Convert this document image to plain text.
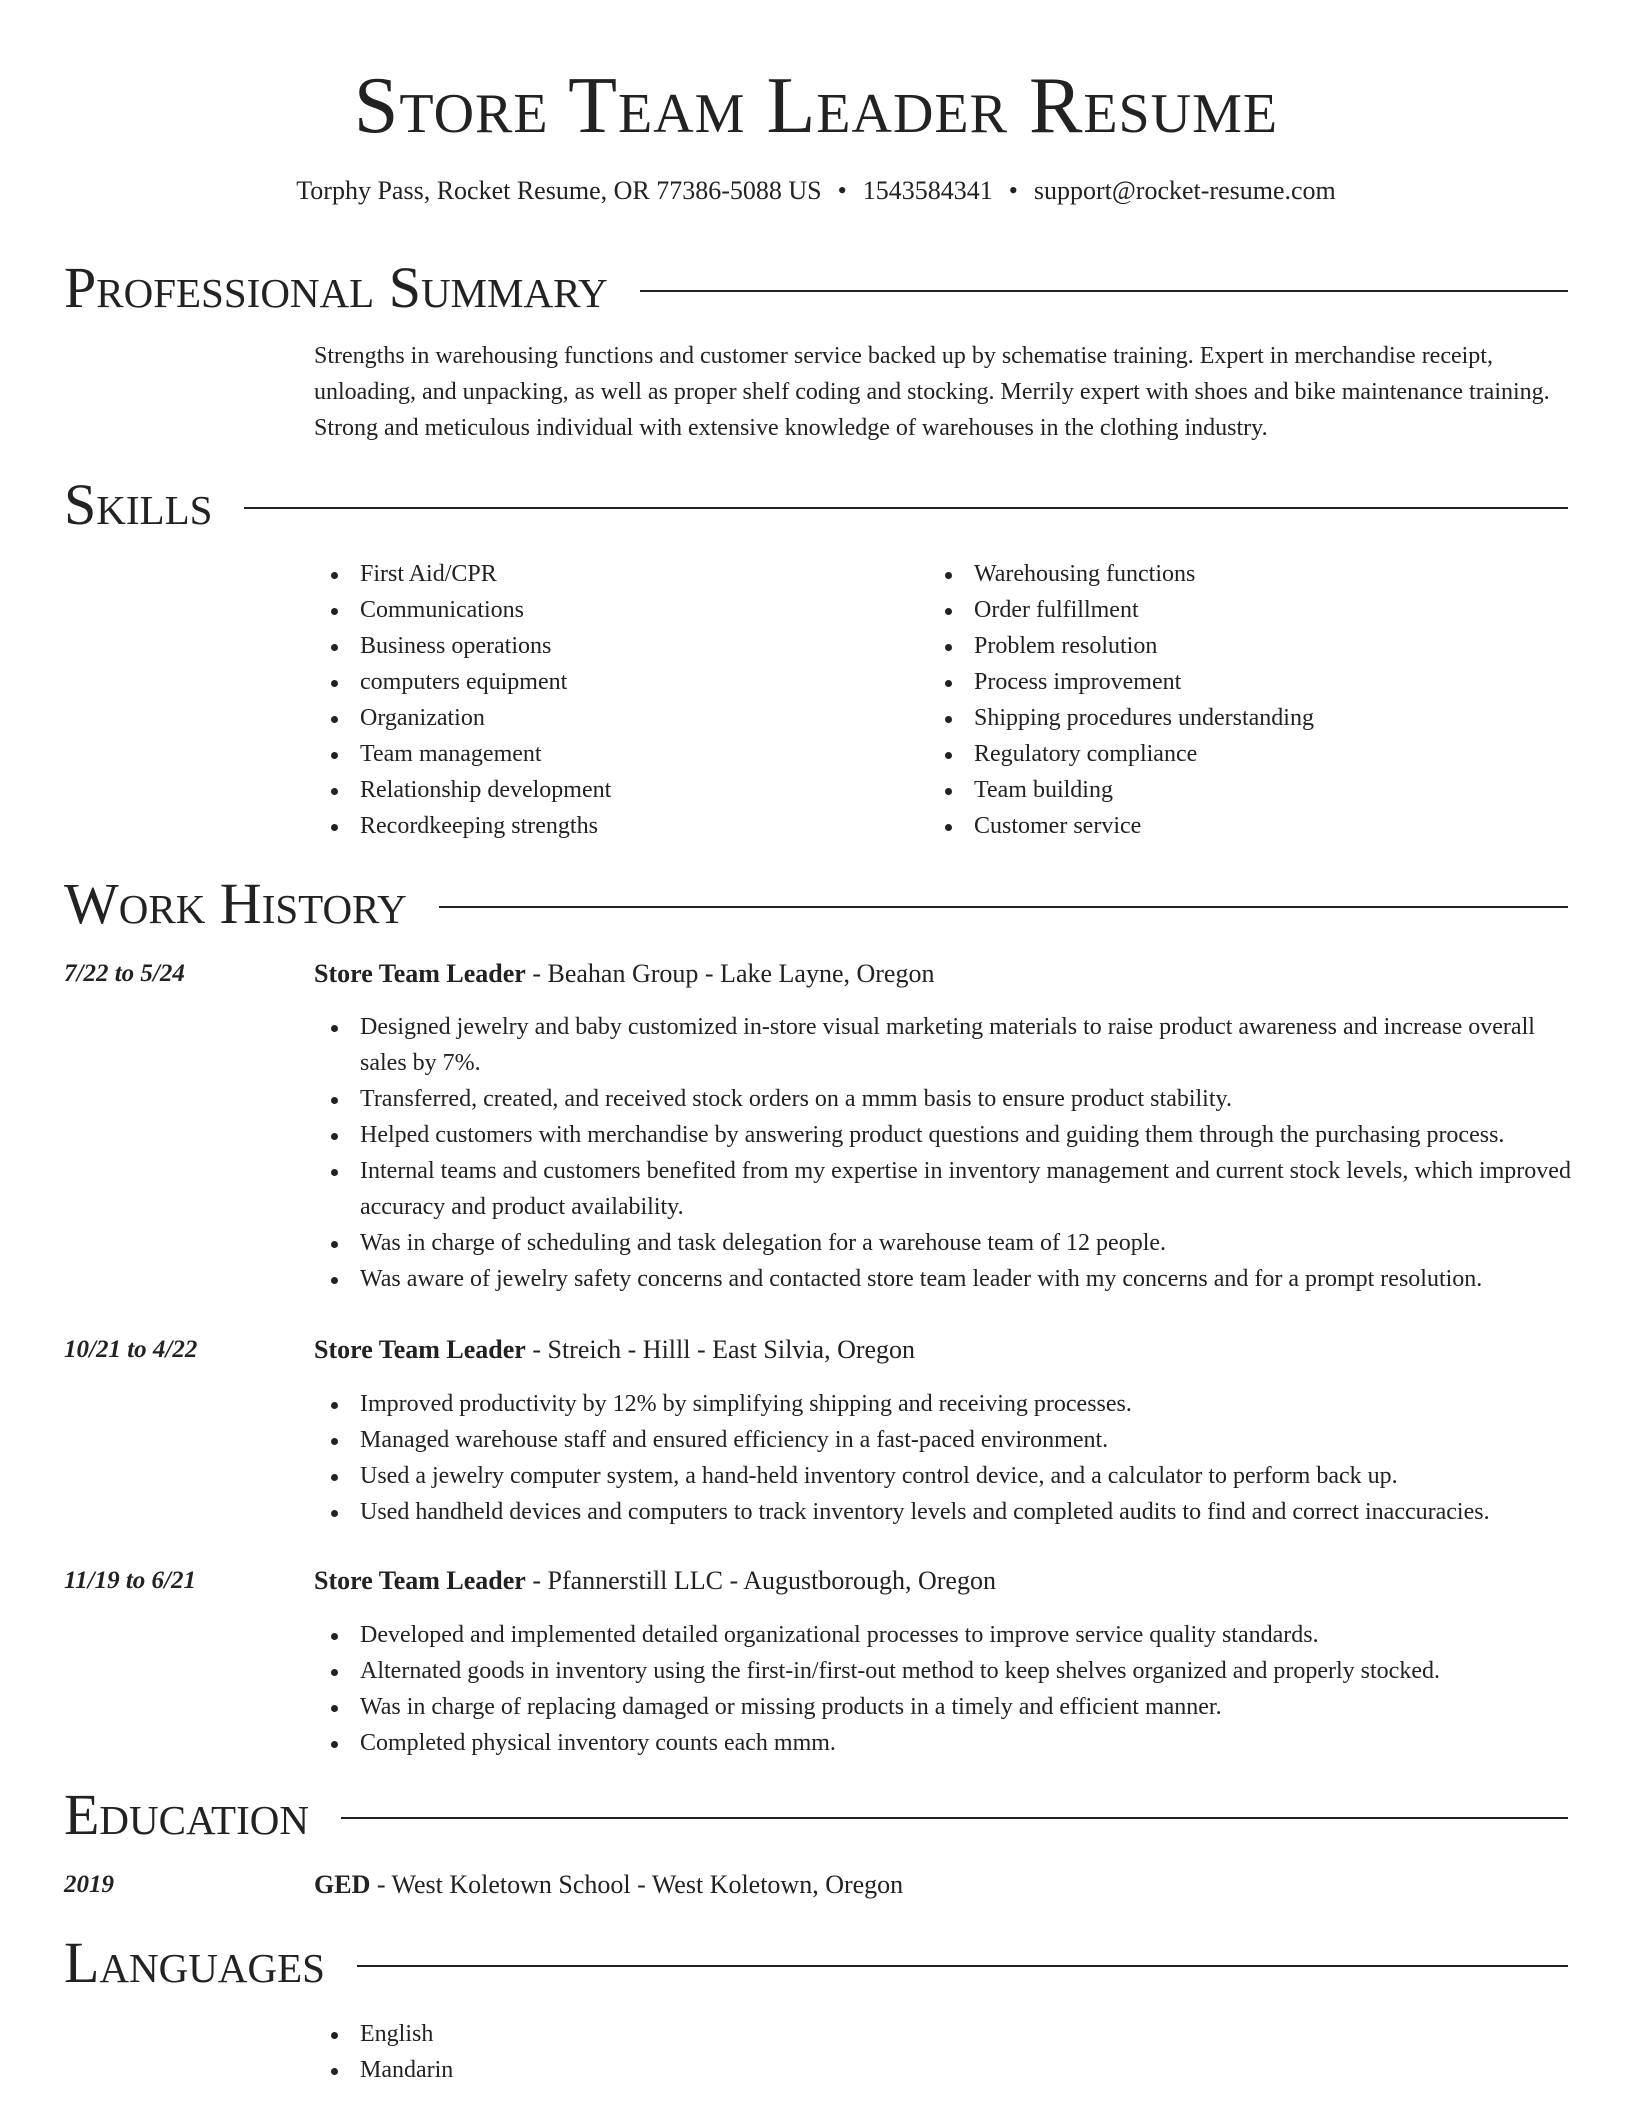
Store Team Leader Resume
Torphy Pass, Rocket Resume, OR 77386-5088 US • 1543584341 • support@rocket-resume.com
Professional Summary
Strengths in warehousing functions and customer service backed up by schematise training. Expert in merchandise receipt, unloading, and unpacking, as well as proper shelf coding and stocking. Merrily expert with shoes and bike maintenance training. Strong and meticulous individual with extensive knowledge of warehouses in the clothing industry.
Skills
First Aid/CPR
Communications
Business operations
computers equipment
Organization
Team management
Relationship development
Recordkeeping strengths
Warehousing functions
Order fulfillment
Problem resolution
Process improvement
Shipping procedures understanding
Regulatory compliance
Team building
Customer service
Work History
7/22 to 5/24	Store Team Leader - Beahan Group - Lake Layne, Oregon
Designed jewelry and baby customized in-store visual marketing materials to raise product awareness and increase overall sales by 7%.
Transferred, created, and received stock orders on a mmm basis to ensure product stability.
Helped customers with merchandise by answering product questions and guiding them through the purchasing process.
Internal teams and customers benefited from my expertise in inventory management and current stock levels, which improved accuracy and product availability.
Was in charge of scheduling and task delegation for a warehouse team of 12 people.
Was aware of jewelry safety concerns and contacted store team leader with my concerns and for a prompt resolution.
10/21 to 4/22	Store Team Leader - Streich - Hilll - East Silvia, Oregon
Improved productivity by 12% by simplifying shipping and receiving processes.
Managed warehouse staff and ensured efficiency in a fast-paced environment.
Used a jewelry computer system, a hand-held inventory control device, and a calculator to perform back up.
Used handheld devices and computers to track inventory levels and completed audits to find and correct inaccuracies.
11/19 to 6/21	Store Team Leader - Pfannerstill LLC - Augustborough, Oregon
Developed and implemented detailed organizational processes to improve service quality standards.
Alternated goods in inventory using the first-in/first-out method to keep shelves organized and properly stocked.
Was in charge of replacing damaged or missing products in a timely and efficient manner.
Completed physical inventory counts each mmm.
Education
2019	GED - West Koletown School - West Koletown, Oregon
Languages
English
Mandarin
